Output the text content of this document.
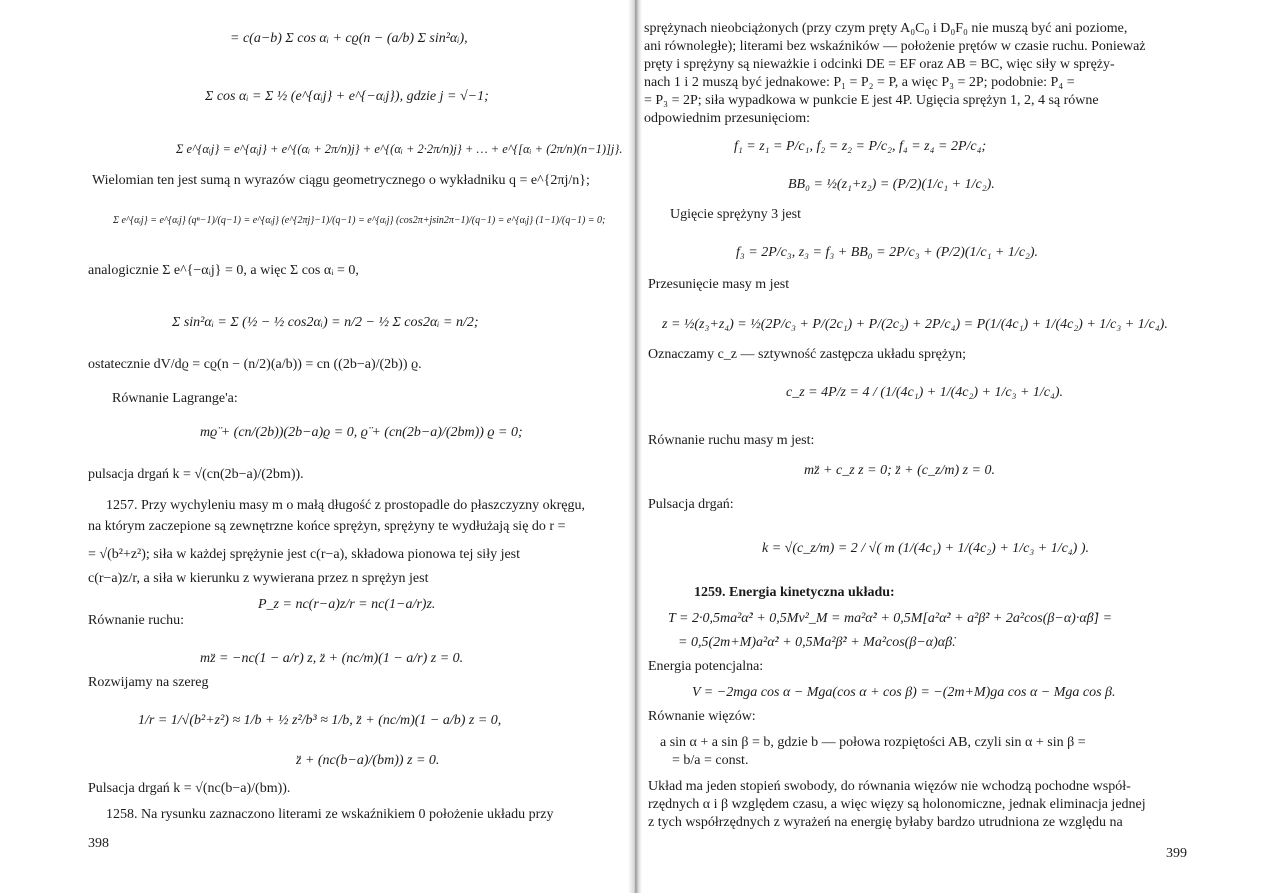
= c(a−b) Σ cos αᵢ + cϱ(n − (a/b) Σ sin²αᵢ),
Σ cos αᵢ = Σ ½ (e^{αᵢj} + e^{−αᵢj}), gdzie j = √−1;
Σ e^{αᵢj} = e^{αᵢj} + e^{(αᵢ + 2π/n)j} + e^{(αᵢ + 2·2π/n)j} + … + e^{[αᵢ + (2π/n)(n−1)]j}.
Wielomian ten jest sumą n wyrazów ciągu geometrycznego o wykładniku q = e^{2πj/n};
Σ e^{αᵢj} = e^{αᵢj} (qⁿ−1)/(q−1) = e^{αᵢj} (e^{2πj}−1)/(q−1) = e^{αᵢj} (cos2π+jsin2π−1)/(q−1) = e^{αᵢj} (1−1)/(q−1) = 0;
analogicznie Σ e^{−αᵢj} = 0, a więc Σ cos αᵢ = 0,
Σ sin²αᵢ = Σ (½ − ½ cos2αᵢ) = n/2 − ½ Σ cos2αᵢ = n/2;
ostatecznie dV/dϱ = cϱ(n − (n/2)(a/b)) = cn ((2b−a)/(2b)) ϱ.
Równanie Lagrange'a:
mϱ̈ + (cn/(2b))(2b−a)ϱ = 0, ϱ̈ + (cn(2b−a)/(2bm)) ϱ = 0;
pulsacja drgań k = √(cn(2b−a)/(2bm)).
1257. Przy wychyleniu masy m o małą długość z prostopadle do płaszczyzny okręgu,
na którym zaczepione są zewnętrzne końce sprężyn, sprężyny te wydłużają się do r =
= √(b²+z²); siła w każdej sprężynie jest c(r−a), składowa pionowa tej siły jest
c(r−a)z/r, a siła w kierunku z wywierana przez n sprężyn jest
P_z = nc(r−a)z/r = nc(1−a/r)z.
Równanie ruchu:
mz̈ = −nc(1 − a/r) z, z̈ + (nc/m)(1 − a/r) z = 0.
Rozwijamy na szereg
1/r = 1/√(b²+z²) ≈ 1/b + ½ z²/b³ ≈ 1/b, z̈ + (nc/m)(1 − a/b) z = 0,
z̈ + (nc(b−a)/(bm)) z = 0.
Pulsacja drgań k = √(nc(b−a)/(bm)).
1258. Na rysunku zaznaczono literami ze wskaźnikiem 0 położenie układu przy
398
sprężynach nieobciążonych (przy czym pręty A₀C₀ i D₀F₀ nie muszą być ani poziome,
ani równoległe); literami bez wskaźników — położenie prętów w czasie ruchu. Ponieważ
pręty i sprężyny są nieważkie i odcinki DE = EF oraz AB = BC, więc siły w spręży-
nach 1 i 2 muszą być jednakowe: P₁ = P₂ = P, a więc P₃ = 2P; podobnie: P₄ =
= P₃ = 2P; siła wypadkowa w punkcie E jest 4P. Ugięcia sprężyn 1, 2, 4 są równe
odpowiednim przesunięciom:
f₁ = z₁ = P/c₁, f₂ = z₂ = P/c₂, f₄ = z₄ = 2P/c₄;
BB₀ = ½(z₁+z₂) = (P/2)(1/c₁ + 1/c₂).
Ugięcie sprężyny 3 jest
f₃ = 2P/c₃, z₃ = f₃ + BB₀ = 2P/c₃ + (P/2)(1/c₁ + 1/c₂).
Przesunięcie masy m jest
z = ½(z₃+z₄) = ½(2P/c₃ + P/(2c₁) + P/(2c₂) + 2P/c₄) = P(1/(4c₁) + 1/(4c₂) + 1/c₃ + 1/c₄).
Oznaczamy c_z — sztywność zastępcza układu sprężyn;
c_z = 4P/z = 4 / (1/(4c₁) + 1/(4c₂) + 1/c₃ + 1/c₄).
Równanie ruchu masy m jest:
mz̈ + c_z z = 0; z̈ + (c_z/m) z = 0.
Pulsacja drgań:
k = √(c_z/m) = 2 / √( m (1/(4c₁) + 1/(4c₂) + 1/c₃ + 1/c₄) ).
1259. Energia kinetyczna układu:
T = 2·0,5ma²α̇² + 0,5Mv²_M = ma²α̇² + 0,5M[a²α̇² + a²β̇² + 2a²cos(β−α)·α̇β̇] =
= 0,5(2m+M)a²α̇² + 0,5Ma²β̇² + Ma²cos(β−α)α̇β̇.
Energia potencjalna:
V = −2mga cos α − Mga(cos α + cos β) = −(2m+M)ga cos α − Mga cos β.
Równanie więzów:
a sin α + a sin β = b, gdzie b — połowa rozpiętości AB, czyli sin α + sin β =
= b/a = const.
Układ ma jeden stopień swobody, do równania więzów nie wchodzą pochodne współ-
rzędnych α i β względem czasu, a więc więzy są holonomiczne, jednak eliminacja jednej
z tych współrzędnych z wyrażeń na energię byłaby bardzo utrudniona ze względu na
399
